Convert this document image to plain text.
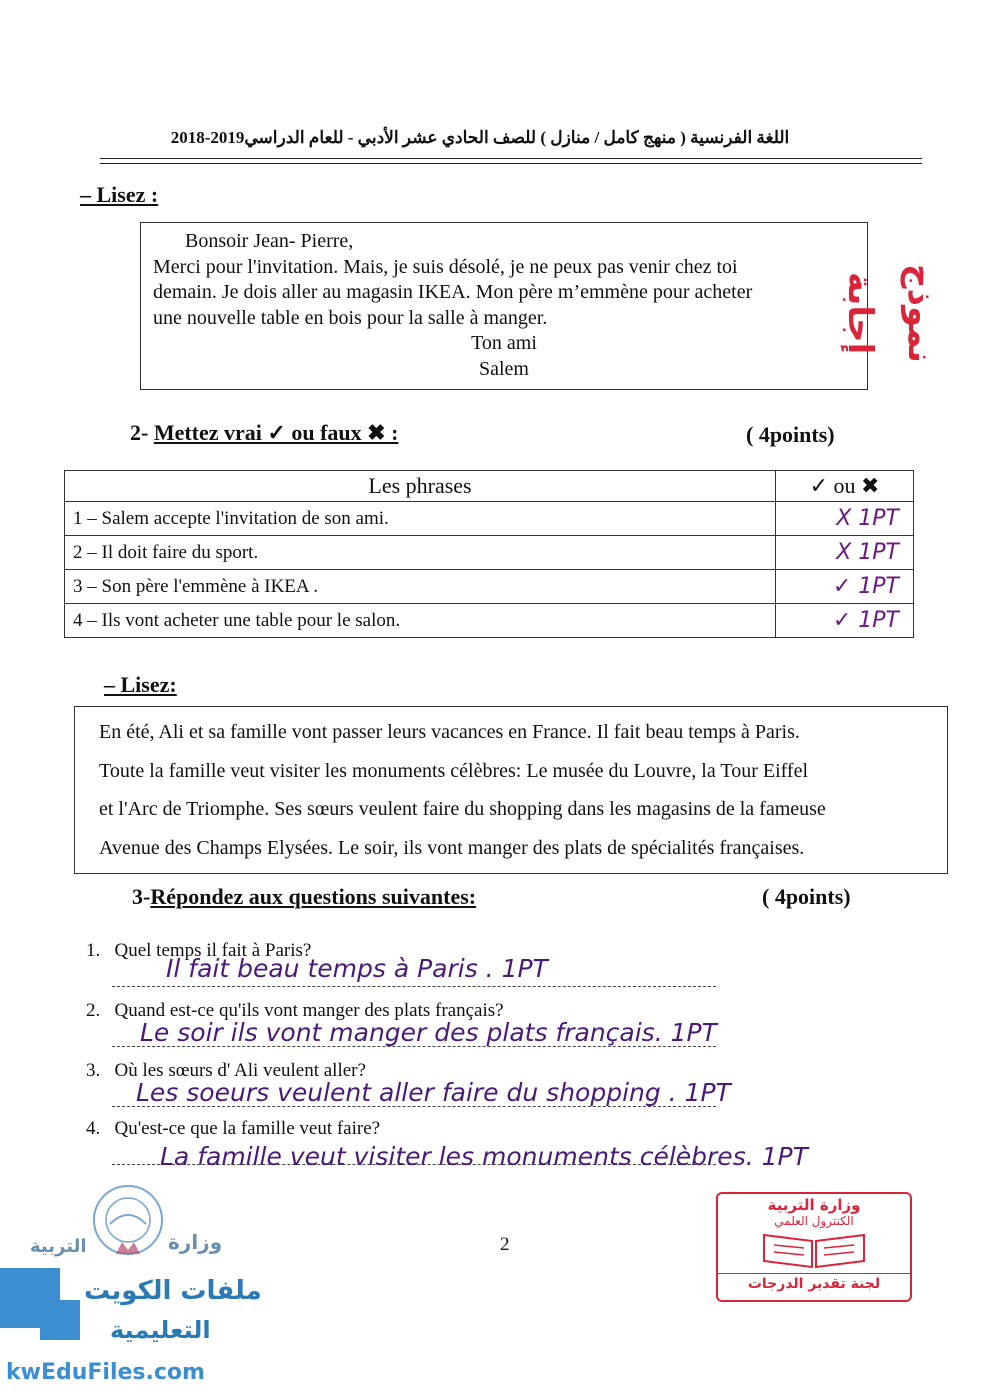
اللغة الفرنسية ( منهج كامل / منازل ) للصف الحادي عشر الأدبي - للعام الدراسي2019-2018
– Lisez :

Bonsoir Jean- Pierre,

Merci pour l'invitation. Mais, je suis désolé, je ne peux pas venir chez toi

demain. Je dois aller au magasin IKEA. Mon père m’emmène pour acheter

une nouvelle table en bois pour la salle à manger.

Ton ami

Salem

نموذج إجابة
2- Mettez vrai ✓ ou faux ✖ :	( 4points)
Les phrases	✓ ou ✖
1 – Salem accepte l'invitation de son ami.	X 1PT
2 – Il doit faire du sport.	X 1PT
3 – Son père l'emmène à IKEA .	✓ 1PT
4 – Ils vont acheter une table pour le salon.	✓ 1PT
– Lisez:

En été, Ali et sa famille vont passer leurs vacances en France. Il fait beau temps à Paris.

Toute la famille veut visiter les monuments célèbres: Le musée du Louvre, la Tour Eiffel

et l'Arc de Triomphe. Ses sœurs veulent faire du shopping dans les magasins de la fameuse

Avenue des Champs Elysées. Le soir, ils vont manger des plats de spécialités françaises.

3-Répondez aux questions suivantes:	( 4points)
1. Quel temps il fait à Paris?
Il fait beau temps à Paris . 1PT
2. Quand est-ce qu'ils vont manger des plats français?
Le soir ils vont manger des plats français. 1PT
3. Où les sœurs d' Ali veulent aller?
Les soeurs veulent aller faire du shopping . 1PT
4. Qu'est-ce que la famille veut faire?
La famille veut visiter les monuments célèbres. 1PT
2
وزارة التربية
الكنترول العلمي
لجنة تقدير الدرجات
وزارة
التربية
ملفات الكويت
التعليمية
kwEduFiles.com
